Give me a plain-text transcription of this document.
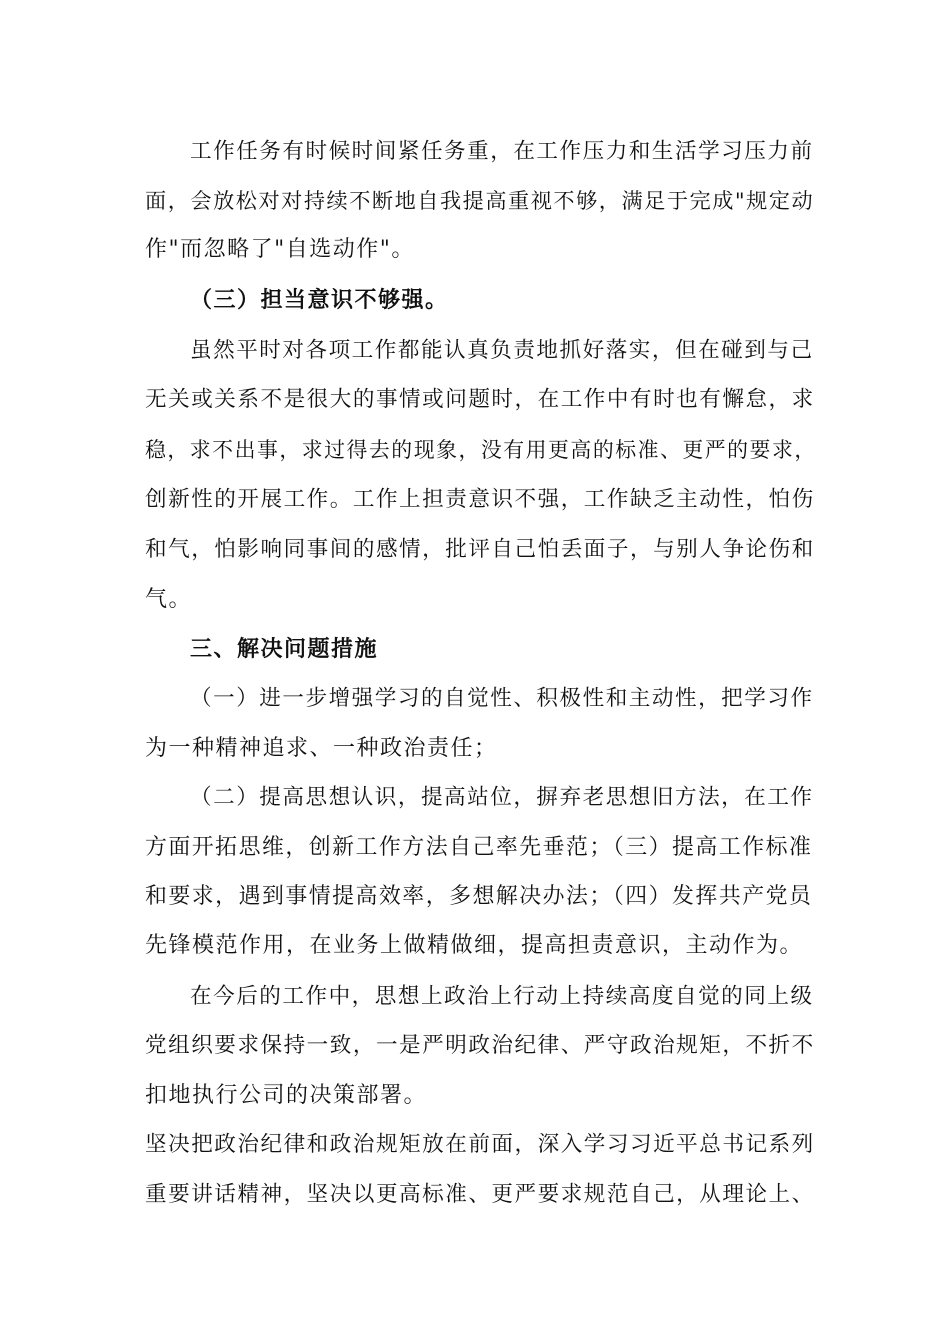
工作任务有时候时间紧任务重，在工作压力和生活学习压力前
面，会放松对对持续不断地自我提高重视不够，满足于完成"规定动
作"而忽略了"自选动作"。
（三）担当意识不够强。
虽然平时对各项工作都能认真负责地抓好落实，但在碰到与己
无关或关系不是很大的事情或问题时，在工作中有时也有懈怠，求
稳，求不出事，求过得去的现象，没有用更高的标准、更严的要求，
创新性的开展工作。工作上担责意识不强，工作缺乏主动性，怕伤
和气，怕影响同事间的感情，批评自己怕丢面子，与别人争论伤和
气。
三、解决问题措施
（一）进一步增强学习的自觉性、积极性和主动性，把学习作
为一种精神追求、一种政治责任；
（二）提高思想认识，提高站位，摒弃老思想旧方法，在工作
方面开拓思维，创新工作方法自己率先垂范；（三）提高工作标准
和要求，遇到事情提高效率，多想解决办法；（四）发挥共产党员
先锋模范作用，在业务上做精做细，提高担责意识，主动作为。
在今后的工作中，思想上政治上行动上持续高度自觉的同上级
党组织要求保持一致，一是严明政治纪律、严守政治规矩，不折不
扣地执行公司的决策部署。
坚决把政治纪律和政治规矩放在前面，深入学习习近平总书记系列
重要讲话精神，坚决以更高标准、更严要求规范自己，从理论上、
